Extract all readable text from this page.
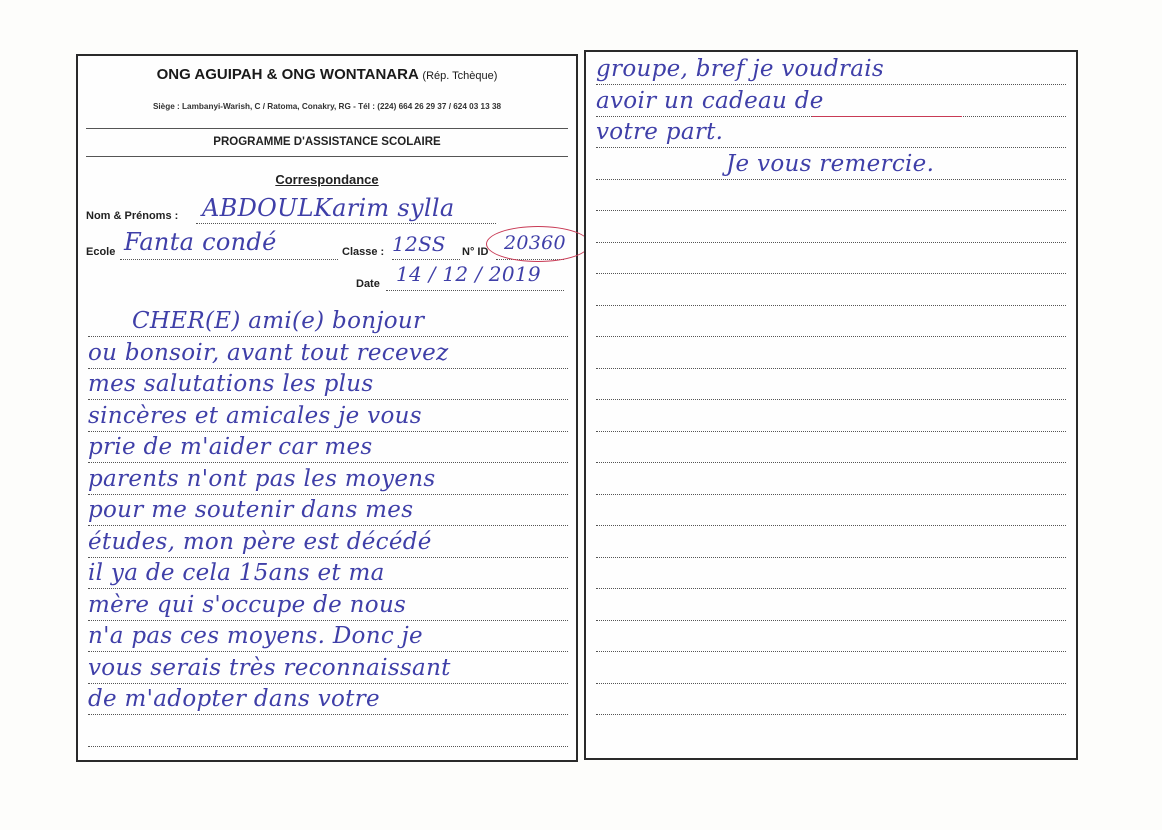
ONG AGUIPAH & ONG WONTANARA (Rép. Tchèque)
Siège : Lambanyi-Warish, C / Ratoma, Conakry, RG - Tél : (224) 664 26 29 37 / 624 03 13 38
PROGRAMME D'ASSISTANCE SCOLAIRE
Correspondance
Nom & Prénoms : ABDOULKarim sylla
Ecole Fanta condé	Classe : 12SS N° ID 20360
Date 14 / 12 / 2019
CHER(E) ami(e) bonjour
ou bonsoir, avant tout recevez
mes salutations les plus
sincères et amicales je vous
prie de m'aider car mes
parents n'ont pas les moyens
pour me soutenir dans mes
études, mon père est décédé
il ya de cela 15ans et ma
mère qui s'occupe de nous
n'a pas ces moyens. Donc je
vous serais très reconnaissant
de m'adopter dans votre
groupe, bref je voudrais
avoir un cadeau de
votre part.
Je vous remercie.
